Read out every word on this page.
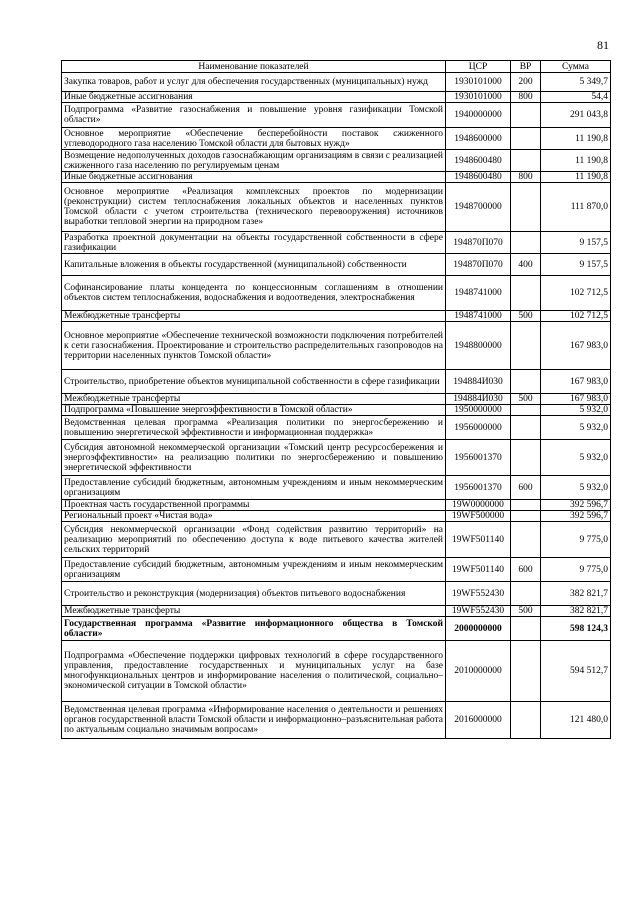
81
Наименование показателей	ЦСР	ВР	Сумма
Закупка товаров, работ и услуг для обеспечения государственных (муниципальных) нужд	1930101000	200	5 349,7
Иные бюджетные ассигнования	1930101000	800	54,4
Подпрограмма «Развитие газоснабжения и повышение уровня газификации Томской области»	1940000000		291 043,8
Основное мероприятие «Обеспечение бесперебойности поставок сжиженного углеводородного газа населению Томской области для бытовых нужд»	1948600000		11 190,8
Возмещение недополученных доходов газоснабжающим организациям в связи с реализацией сжиженного газа населению по регулируемым ценам	1948600480		11 190,8
Иные бюджетные ассигнования	1948600480	800	11 190,8
Основное мероприятие «Реализация комплексных проектов по модернизации (реконструкции) систем теплоснабжения локальных объектов и населенных пунктов Томской области с учетом строительства (технического перевооружения) источников выработки тепловой энергии на природном газе»	1948700000		111 870,0
Разработка проектной документации на объекты государственной собственности в сфере газификации	194870П070		9 157,5
Капитальные вложения в объекты государственной (муниципальной) собственности	194870П070	400	9 157,5
Софинансирование платы концедента по концессионным соглашениям в отношении объектов систем теплоснабжения, водоснабжения и водоотведения, электроснабжения	1948741000		102 712,5
Межбюджетные трансферты	1948741000	500	102 712,5
Основное мероприятие «Обеспечение технической возможности подключения потребителей к сети газоснабжения. Проектирование и строительство распределительных газопроводов на территории населенных пунктов Томской области»	1948800000		167 983,0
Строительство, приобретение объектов муниципальной собственности в сфере газификации	194884И030		167 983,0
Межбюджетные трансферты	194884И030	500	167 983,0
Подпрограмма «Повышение энергоэффективности в Томской области»	1950000000		5 932,0
Ведомственная целевая программа «Реализация политики по энергосбережению и повышению энергетической эффективности и информационная поддержка»	1956000000		5 932,0
Субсидия автономной некоммерческой организации «Томский центр ресурсосбережения и энергоэффективности» на реализацию политики по энергосбережению и повышению энергетической эффективности	1956001370		5 932,0
Предоставление субсидий бюджетным, автономным учреждениям и иным некоммерческим организациям	1956001370	600	5 932,0
Проектная часть государственной программы	19W0000000		392 596,7
Региональный проект «Чистая вода»	19WF500000		392 596,7
Субсидия некоммерческой организации «Фонд содействия развитию территорий» на реализацию мероприятий по обеспечению доступа к воде питьевого качества жителей сельских территорий	19WF501140		9 775,0
Предоставление субсидий бюджетным, автономным учреждениям и иным некоммерческим организациям	19WF501140	600	9 775,0
Строительство и реконструкция (модернизация) объектов питьевого водоснабжения	19WF552430		382 821,7
Межбюджетные трансферты	19WF552430	500	382 821,7
Государственная программа «Развитие информационного общества в Томской области»	2000000000		598 124,3
Подпрограмма «Обеспечение поддержки цифровых технологий в сфере государственного управления, предоставление государственных и муниципальных услуг на базе многофункциональных центров и информирование населения о политической, социально–экономической ситуации в Томской области»	2010000000		594 512,7
Ведомственная целевая программа «Информирование населения о деятельности и решениях органов государственной власти Томской области и информационно–разъяснительная работа по актуальным социально значимым вопросам»	2016000000		121 480,0
